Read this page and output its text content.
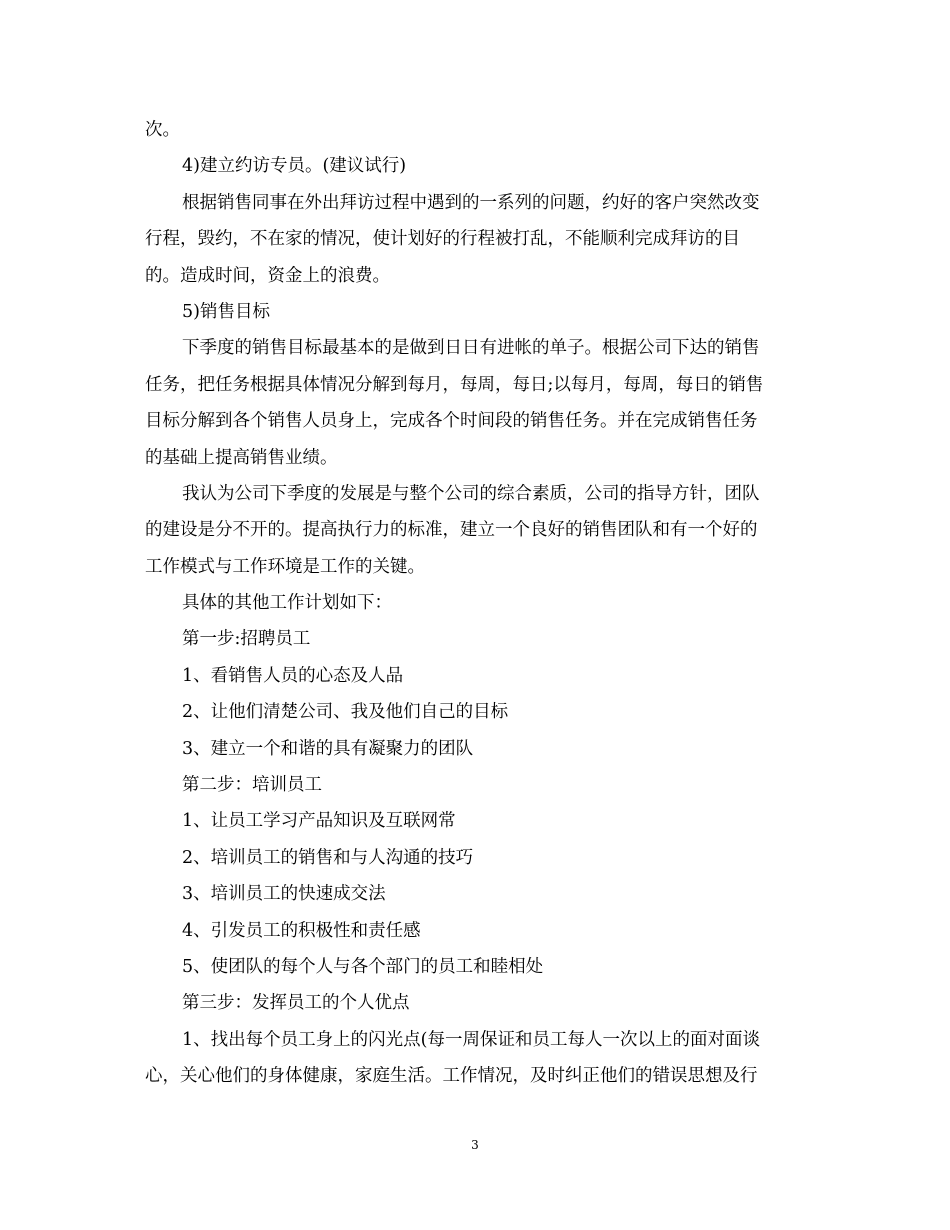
次。
4)建立约访专员。(建议试行)
根据销售同事在外出拜访过程中遇到的一系列的问题，约好的客户突然改变
行程，毁约，不在家的情况，使计划好的行程被打乱，不能顺利完成拜访的目
的。造成时间，资金上的浪费。
5)销售目标
下季度的销售目标最基本的是做到日日有进帐的单子。根据公司下达的销售
任务，把任务根据具体情况分解到每月，每周，每日;以每月，每周，每日的销售
目标分解到各个销售人员身上，完成各个时间段的销售任务。并在完成销售任务
的基础上提高销售业绩。
我认为公司下季度的发展是与整个公司的综合素质，公司的指导方针，团队
的建设是分不开的。提高执行力的标准，建立一个良好的销售团队和有一个好的
工作模式与工作环境是工作的关键。
具体的其他工作计划如下：
第一步:招聘员工
1、看销售人员的心态及人品
2、让他们清楚公司、我及他们自己的目标
3、建立一个和谐的具有凝聚力的团队
第二步：培训员工
1、让员工学习产品知识及互联网常
2、培训员工的销售和与人沟通的技巧
3、培训员工的快速成交法
4、引发员工的积极性和责任感
5、使团队的每个人与各个部门的员工和睦相处
第三步：发挥员工的个人优点
1、找出每个员工身上的闪光点(每一周保证和员工每人一次以上的面对面谈
心，关心他们的身体健康，家庭生活。工作情况，及时纠正他们的错误思想及行
3
